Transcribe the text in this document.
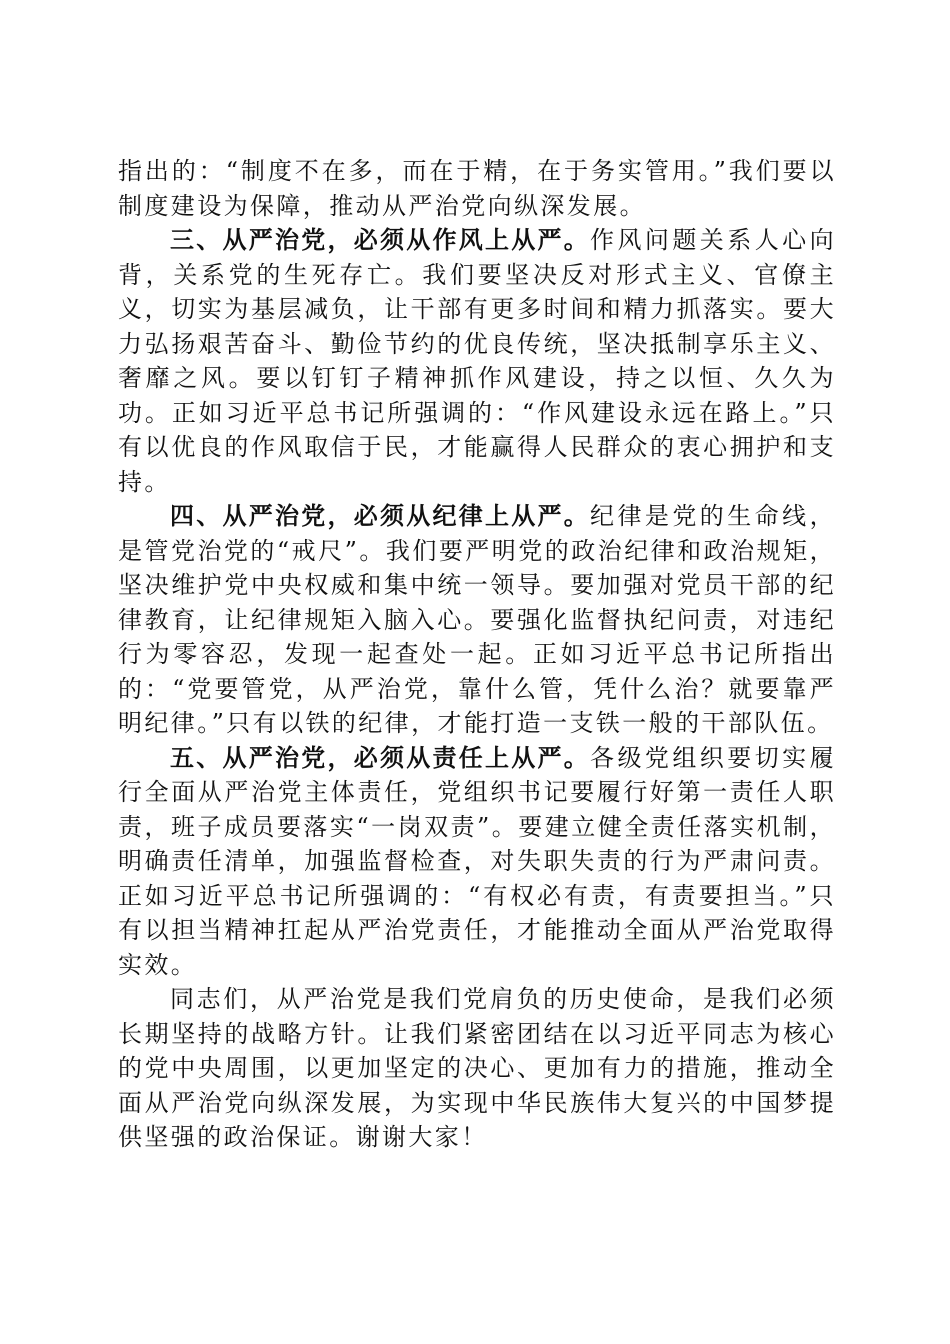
指出的：“制度不在多，而在于精，在于务实管用。”我们要以制度建设为保障，推动从严治党向纵深发展。

三、从严治党，必须从作风上从严。作风问题关系人心向背，关系党的生死存亡。我们要坚决反对形式主义、官僚主义，切实为基层减负，让干部有更多时间和精力抓落实。要大力弘扬艰苦奋斗、勤俭节约的优良传统，坚决抵制享乐主义、奢靡之风。要以钉钉子精神抓作风建设，持之以恒、久久为功。正如习近平总书记所强调的：“作风建设永远在路上。”只有以优良的作风取信于民，才能赢得人民群众的衷心拥护和支持。

四、从严治党，必须从纪律上从严。纪律是党的生命线，是管党治党的“戒尺”。我们要严明党的政治纪律和政治规矩，坚决维护党中央权威和集中统一领导。要加强对党员干部的纪律教育，让纪律规矩入脑入心。要强化监督执纪问责，对违纪行为零容忍，发现一起查处一起。正如习近平总书记所指出的：“党要管党，从严治党，靠什么管，凭什么治？就要靠严明纪律。”只有以铁的纪律，才能打造一支铁一般的干部队伍。

五、从严治党，必须从责任上从严。各级党组织要切实履行全面从严治党主体责任，党组织书记要履行好第一责任人职责，班子成员要落实“一岗双责”。要建立健全责任落实机制，明确责任清单，加强监督检查，对失职失责的行为严肃问责。正如习近平总书记所强调的：“有权必有责，有责要担当。”只有以担当精神扛起从严治党责任，才能推动全面从严治党取得实效。

同志们，从严治党是我们党肩负的历史使命，是我们必须长期坚持的战略方针。让我们紧密团结在以习近平同志为核心的党中央周围，以更加坚定的决心、更加有力的措施，推动全面从严治党向纵深发展，为实现中华民族伟大复兴的中国梦提供坚强的政治保证。谢谢大家！
